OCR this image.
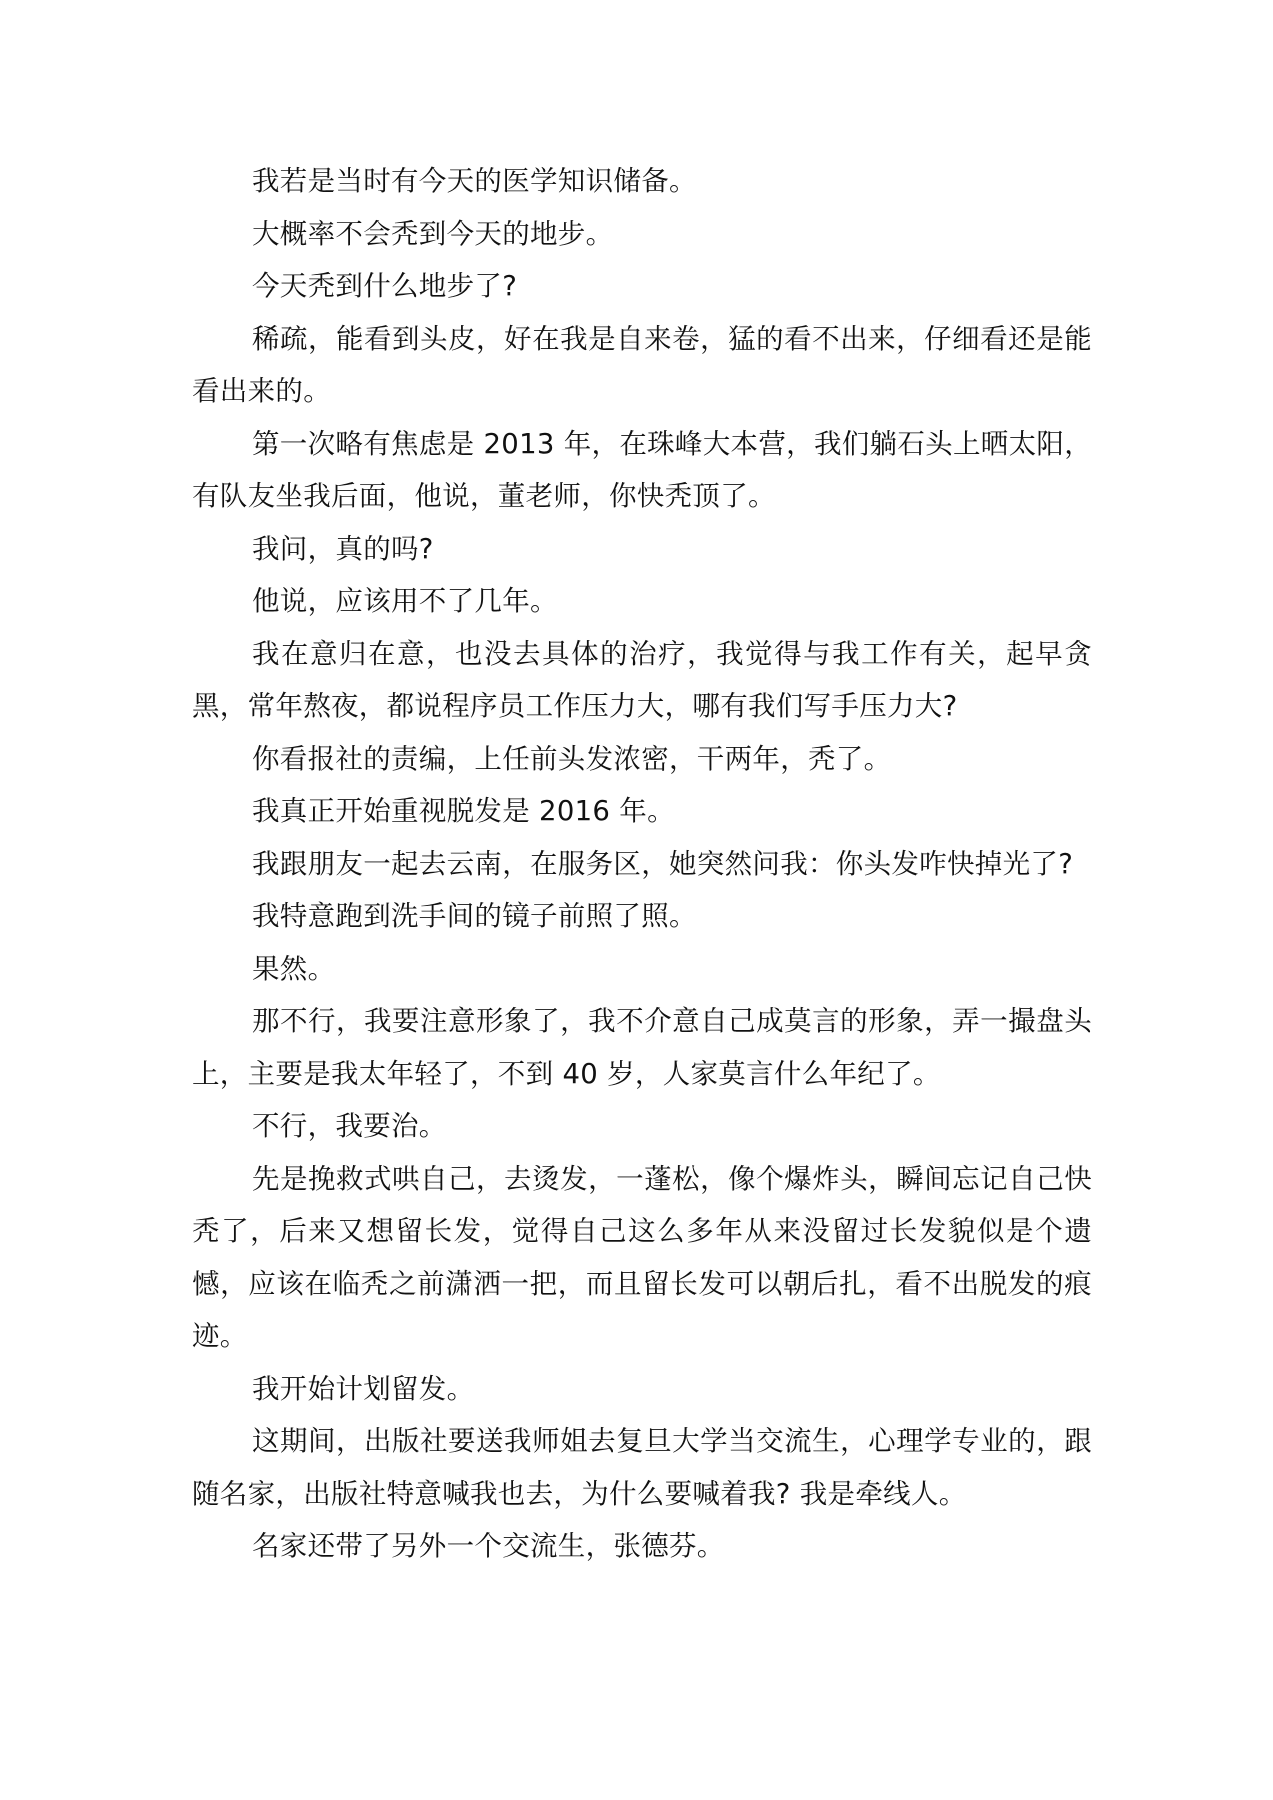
我若是当时有今天的医学知识储备。

大概率不会秃到今天的地步。

今天秃到什么地步了?

稀疏，能看到头皮，好在我是自来卷，猛的看不出来，仔细看还是能看出来的。

第一次略有焦虑是 2013 年，在珠峰大本营，我们躺石头上晒太阳，有队友坐我后面，他说，董老师，你快秃顶了。

我问，真的吗?

他说，应该用不了几年。

我在意归在意，也没去具体的治疗，我觉得与我工作有关，起早贪黑，常年熬夜，都说程序员工作压力大，哪有我们写手压力大?

你看报社的责编，上任前头发浓密，干两年，秃了。

我真正开始重视脱发是 2016 年。

我跟朋友一起去云南，在服务区，她突然问我：你头发咋快掉光了?

我特意跑到洗手间的镜子前照了照。

果然。

那不行，我要注意形象了，我不介意自己成莫言的形象，弄一撮盘头上，主要是我太年轻了，不到 40 岁，人家莫言什么年纪了。

不行，我要治。

先是挽救式哄自己，去烫发，一蓬松，像个爆炸头，瞬间忘记自己快秃了，后来又想留长发，觉得自己这么多年从来没留过长发貌似是个遗憾，应该在临秃之前潇洒一把，而且留长发可以朝后扎，看不出脱发的痕迹。

我开始计划留发。

这期间，出版社要送我师姐去复旦大学当交流生，心理学专业的，跟随名家，出版社特意喊我也去，为什么要喊着我? 我是牵线人。

名家还带了另外一个交流生，张德芬。
